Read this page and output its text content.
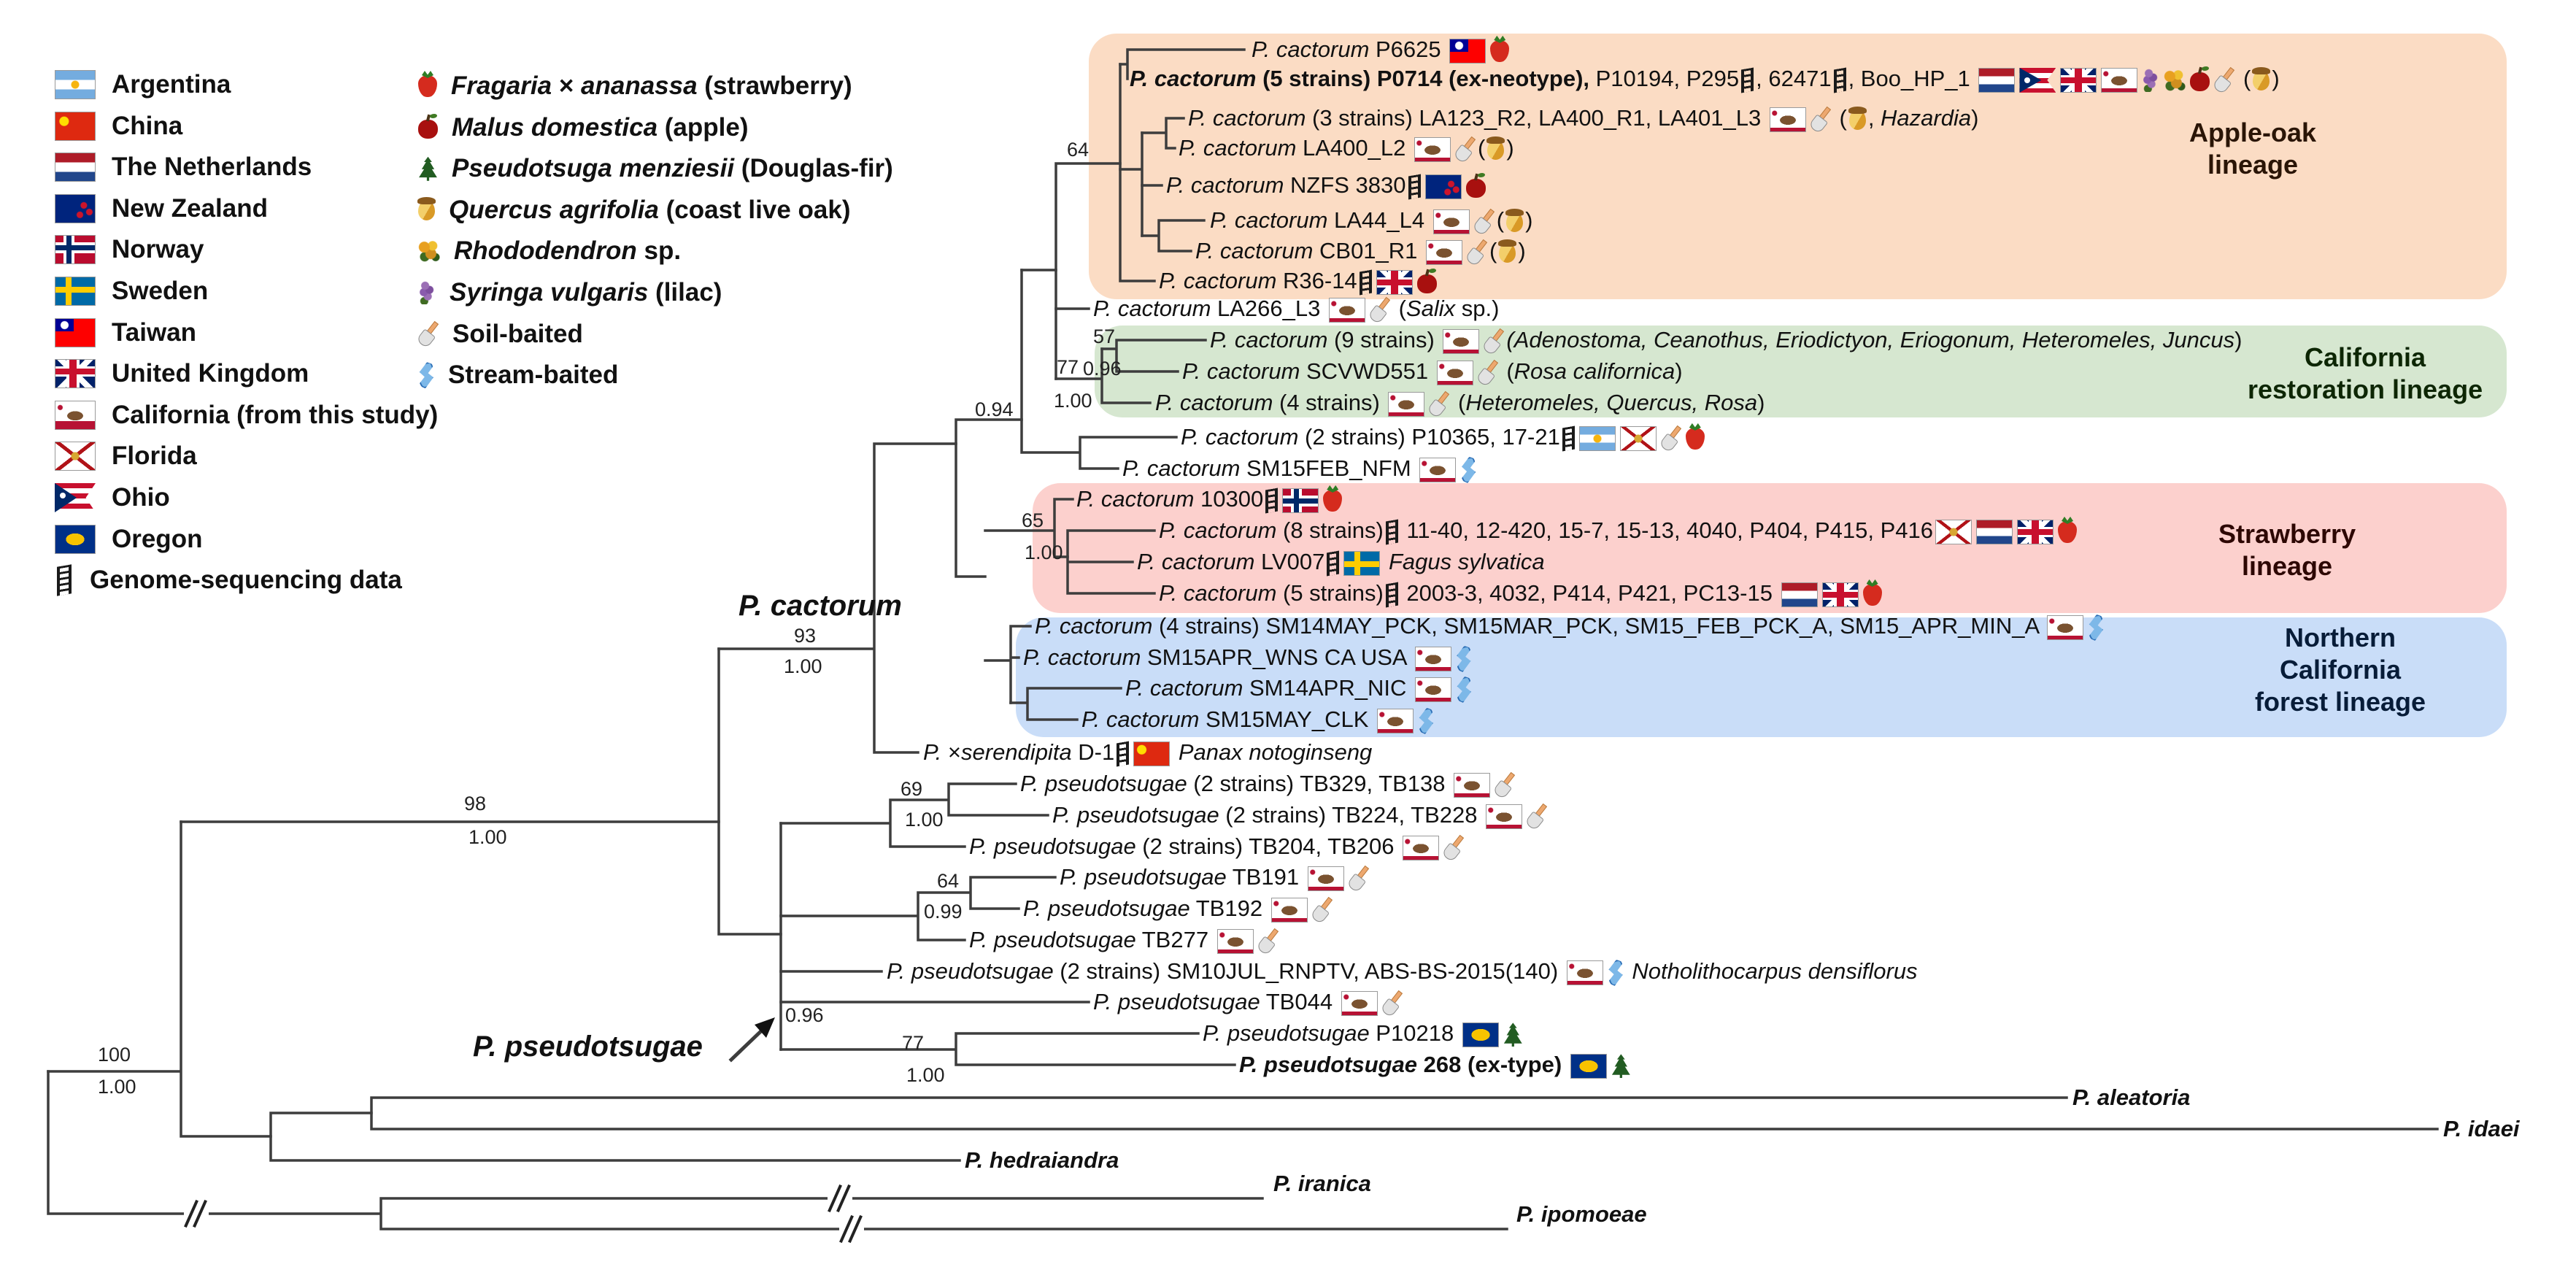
Apple-oak
lineage
California
restoration lineage
Strawberry
lineage
Northern
California
forest lineage
P. cactorum
P. pseudotsugae
P. cactorum P6625
P. cactorum (5 strains) P0714 (ex-neotype), P10194, P295 , 62471 , Boo_HP_1	( )
P. cactorum (3 strains) LA123_R2, LA400_R1, LA401_L3	( , Hazardia)
P. cactorum LA400_L2	( )
P. cactorum NZFS 3830
P. cactorum LA44_L4	( )
P. cactorum CB01_R1	( )
P. cactorum R36-14
P. cactorum LA266_L3	(Salix sp.)
P. cactorum (9 strains)	(Adenostoma, Ceanothus, Eriodictyon, Eriogonum, Heteromeles, Juncus)
P. cactorum SCVWD551	(Rosa californica)
P. cactorum (4 strains)	(Heteromeles, Quercus, Rosa)
P. cactorum (2 strains) P10365, 17-21
P. cactorum SM15FEB_NFM
P. cactorum 10300
P. cactorum (8 strains) 11-40, 12-420, 15-7, 15-13, 4040, P404, P415, P416
P. cactorum LV007	Fagus sylvatica
P. cactorum (5 strains) 2003-3, 4032, P414, P421, PC13-15
P. cactorum (4 strains) SM14MAY_PCK, SM15MAR_PCK, SM15_FEB_PCK_A, SM15_APR_MIN_A
P. cactorum SM15APR_WNS CA USA
P. cactorum SM14APR_NIC
P. cactorum SM15MAY_CLK
P. ×serendipita D-1	Panax notoginseng
P. pseudotsugae (2 strains) TB329, TB138
P. pseudotsugae (2 strains) TB224, TB228
P. pseudotsugae (2 strains) TB204, TB206
P. pseudotsugae TB191
P. pseudotsugae TB192
P. pseudotsugae TB277
P. pseudotsugae (2 strains) SM10JUL_RNPTV, ABS-BS-2015(140)	Notholithocarpus densiflorus
P. pseudotsugae TB044
P. pseudotsugae P10218
P. pseudotsugae 268 (ex-type)
P. aleatoria
P. idaei
P. hedraiandra
P. iranica
P. ipomoeae
64
57
0.96
77
1.00
0.94
65
1.00
93
1.00
69
1.00
64
0.99
0.96
77
1.00
98
1.00
100
1.00
Argentina
China
The Netherlands
New Zealand
Norway
Sweden
Taiwan
United Kingdom
California (from this study)
Florida
Ohio
Oregon
Genome-sequencing data
Fragaria × ananassa (strawberry)
Malus domestica (apple)
Pseudotsuga menziesii (Douglas-fir)
Quercus agrifolia (coast live oak)
Rhododendron sp.
Syringa vulgaris (lilac)
Soil-baited
Stream-baited
